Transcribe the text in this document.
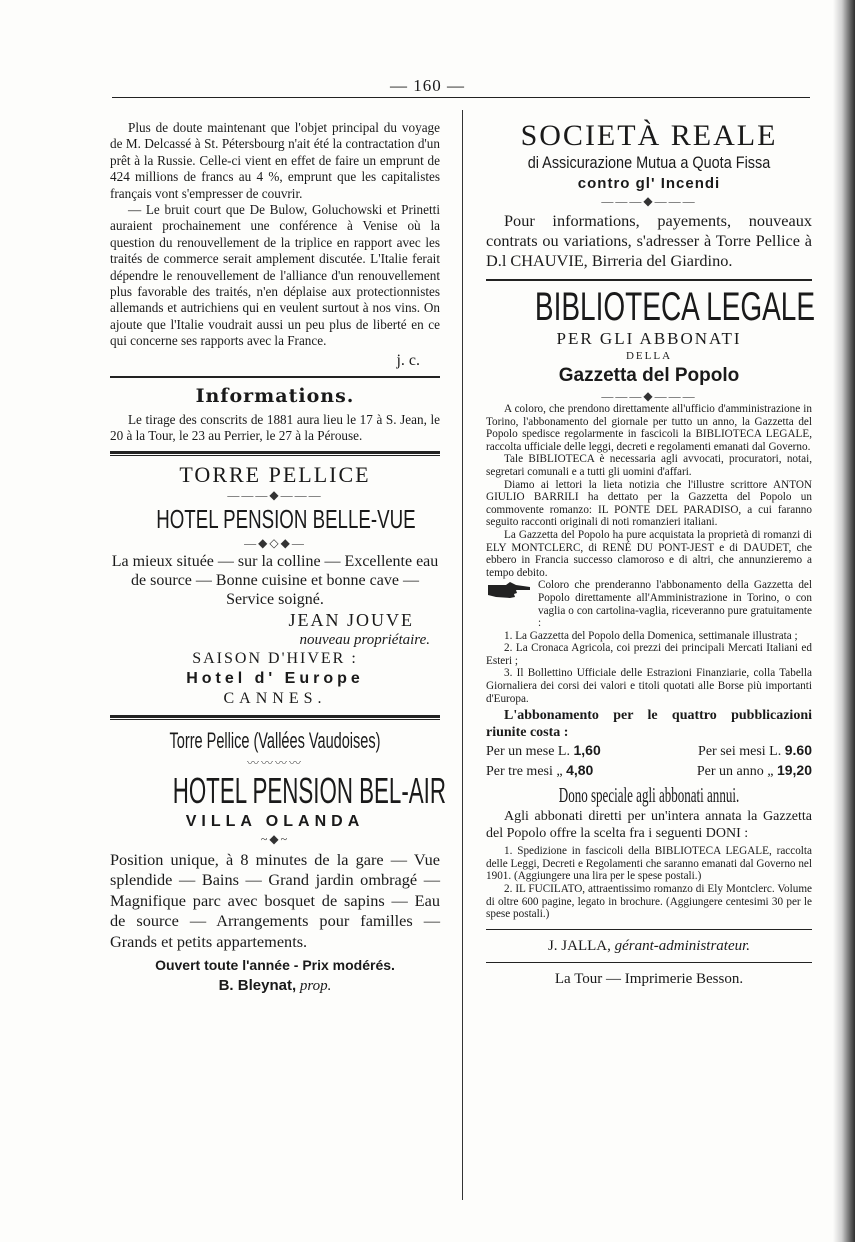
— 160 —

Plus de doute maintenant que l'objet principal du voyage de M. Delcassé à St. Pétersbourg n'ait été la contractation d'un prêt à la Russie. Celle-ci vient en effet de faire un emprunt de 424 millions de francs au 4 %, emprunt que les capitalistes français vont s'empresser de couvrir.

— Le bruit court que De Bulow, Goluchowski et Prinetti auraient prochainement une conférence à Venise où la question du renouvellement de la triplice en rapport avec les traités de commerce serait amplement discutée. L'Italie ferait dépendre le renouvellement de l'alliance d'un renouvellement plus favorable des traités, n'en déplaise aux protectionnistes allemands et autrichiens qui en veulent surtout à nos vins. On ajoute que l'Italie voudrait aussi un peu plus de liberté en ce qui concerne ses rapports avec la France.

j. c.

Informations.

Le tirage des conscrits de 1881 aura lieu le 17 à S. Jean, le 20 à la Tour, le 23 au Perrier, le 27 à la Pérouse.

TORRE PELLICE
———◆———
HOTEL PENSION BELLE-VUE
—◆◇◆—

La mieux située — sur la colline — Excellente eau de source — Bonne cuisine et bonne cave — Service soigné.

JEAN JOUVE
nouveau propriétaire.
SAISON D'HIVER :
Hotel d' Europe
CANNES.
Torre Pellice (Vallées Vaudoises)
〰〰〰〰
HOTEL PENSION BEL-AIR
VILLA OLANDA
~◆~

Position unique, à 8 minutes de la gare — Vue splendide — Bains — Grand jardin ombragé — Magnifique parc avec bosquet de sapins — Eau de source — Arrangements pour familles — Grands et petits appartements.

Ouvert toute l'année - Prix modérés.
B. Bleynat, prop.
SOCIETÀ REALE
di Assicurazione Mutua a Quota Fissa
contro gl' Incendi
———◆———

Pour informations, payements, nouveaux contrats ou variations, s'adresser à Torre Pellice à D.l CHAUVIE, Birreria del Giardino.

BIBLIOTECA LEGALE
PER GLI ABBONATI
DELLA
Gazzetta del Popolo
———◆———

A coloro, che prendono direttamente all'ufficio d'amministrazione in Torino, l'abbonamento del giornale per tutto un anno, la Gazzetta del Popolo spedisce regolarmente in fascicoli la BIBLIOTECA LEGALE, raccolta ufficiale delle leggi, decreti e regolamenti emanati dal Governo.

Tale BIBLIOTECA è necessaria agli avvocati, procuratori, notai, segretari comunali e a tutti gli uomini d'affari.

Diamo ai lettori la lieta notizia che l'illustre scrittore ANTON GIULIO BARRILI ha dettato per la Gazzetta del Popolo un commovente romanzo: IL PONTE DEL PARADISO, a cui faranno seguito racconti originali di noti romanzieri italiani.

La Gazzetta del Popolo ha pure acquistata la proprietà di romanzi di ELY MONTCLERC, di RENÉ DU PONT-JEST e di DAUDET, che ebbero in Francia successo clamoroso e di altri, che annunzieremo a tempo debito.

Coloro che prenderanno l'abbonamento della Gazzetta del Popolo direttamente all'Amministrazione in Torino, o con vaglia o con cartolina-vaglia, riceveranno pure gratuitamente :

1. La Gazzetta del Popolo della Domenica, settimanale illustrata ;

2. La Cronaca Agricola, coi prezzi dei principali Mercati Italiani ed Esteri ;

3. Il Bollettino Ufficiale delle Estrazioni Finanziarie, colla Tabella Giornaliera dei corsi dei valori e titoli quotati alle Borse più importanti d'Europa.

L'abbonamento per le quattro pubblicazioni riunite costa :

Per un mese L. 1,60	Per sei mesi L. 9.60
Per tre mesi „ 4,80	Per un anno „ 19,20
Dono speciale agli abbonati annui.

Agli abbonati diretti per un'intera annata la Gazzetta del Popolo offre la scelta fra i seguenti DONI :

1. Spedizione in fascicoli della BIBLIOTECA LEGALE, raccolta delle Leggi, Decreti e Regolamenti che saranno emanati dal Governo nel 1901. (Aggiungere una lira per le spese postali.)

2. IL FUCILATO, attraentissimo romanzo di Ely Montclerc. Volume di oltre 600 pagine, legato in brochure. (Aggiungere centesimi 30 per le spese postali.)

J. JALLA, gérant-administrateur.
La Tour — Imprimerie Besson.
